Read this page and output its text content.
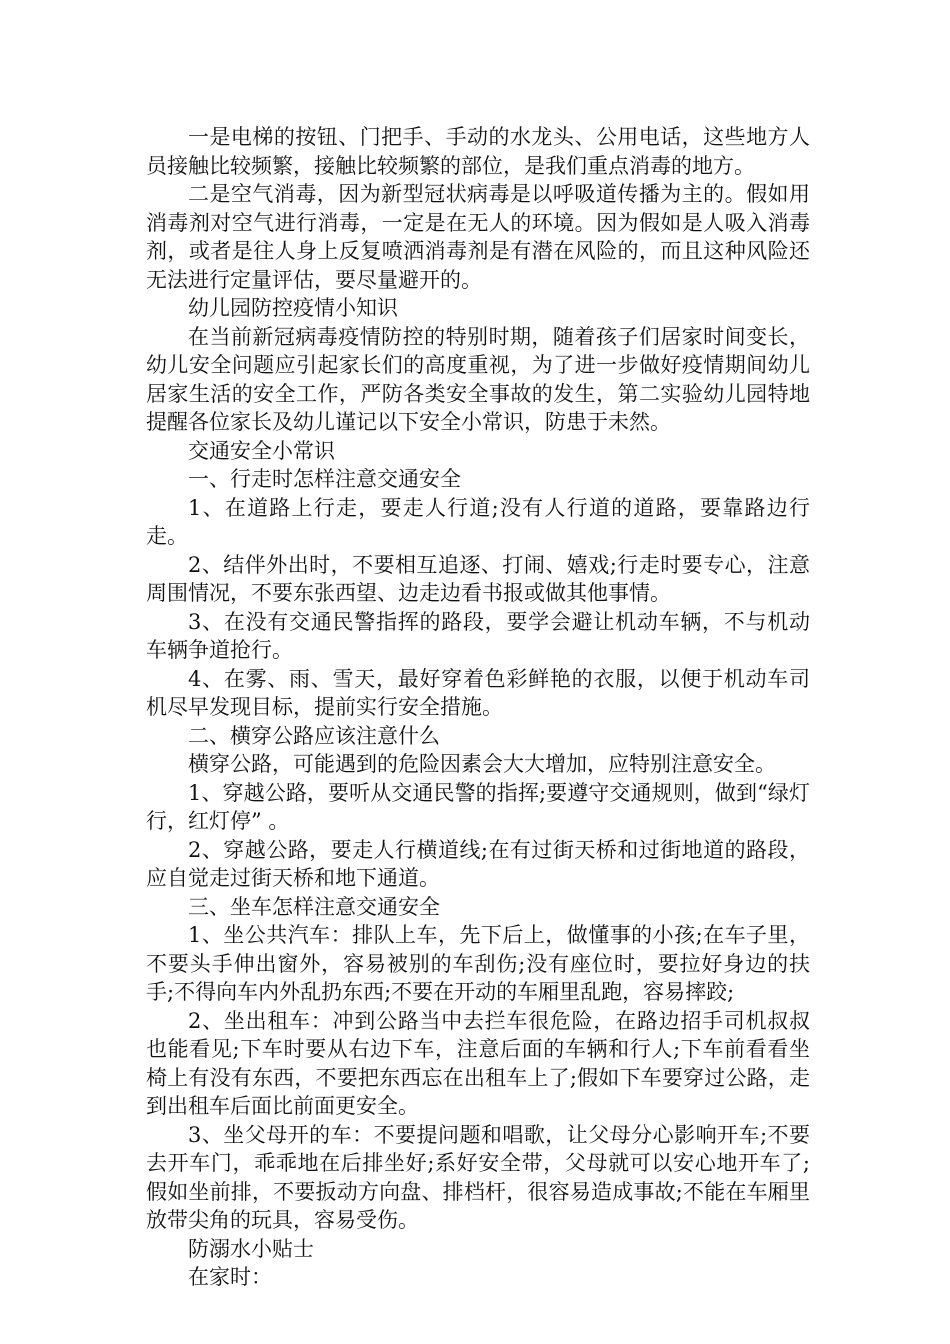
一是电梯的按钮、门把手、手动的水龙头、公用电话，这些地方人员接触比较频繁，接触比较频繁的部位，是我们重点消毒的地方。

二是空气消毒，因为新型冠状病毒是以呼吸道传播为主的。假如用消毒剂对空气进行消毒，一定是在无人的环境。因为假如是人吸入消毒剂，或者是往人身上反复喷洒消毒剂是有潜在风险的，而且这种风险还无法进行定量评估，要尽量避开的。

幼儿园防控疫情小知识

在当前新冠病毒疫情防控的特别时期，随着孩子们居家时间变长，幼儿安全问题应引起家长们的高度重视，为了进一步做好疫情期间幼儿居家生活的安全工作，严防各类安全事故的发生，第二实验幼儿园特地提醒各位家长及幼儿谨记以下安全小常识，防患于未然。

交通安全小常识

一、行走时怎样注意交通安全

1、在道路上行走，要走人行道;没有人行道的道路，要靠路边行走。

2、结伴外出时，不要相互追逐、打闹、嬉戏;行走时要专心，注意周围情况，不要东张西望、边走边看书报或做其他事情。

3、在没有交通民警指挥的路段，要学会避让机动车辆，不与机动车辆争道抢行。

4、在雾、雨、雪天，最好穿着色彩鲜艳的衣服，以便于机动车司机尽早发现目标，提前实行安全措施。

二、横穿公路应该注意什么

横穿公路，可能遇到的危险因素会大大增加，应特别注意安全。

1、穿越公路，要听从交通民警的指挥;要遵守交通规则，做到“绿灯行，红灯停” 。

2、穿越公路，要走人行横道线;在有过街天桥和过街地道的路段，应自觉走过街天桥和地下通道。

三、坐车怎样注意交通安全

1、坐公共汽车：排队上车，先下后上，做懂事的小孩;在车子里，不要头手伸出窗外，容易被别的车刮伤;没有座位时，要拉好身边的扶手;不得向车内外乱扔东西;不要在开动的车厢里乱跑，容易摔跤;

2、坐出租车：冲到公路当中去拦车很危险，在路边招手司机叔叔也能看见;下车时要从右边下车，注意后面的车辆和行人;下车前看看坐椅上有没有东西，不要把东西忘在出租车上了;假如下车要穿过公路，走到出租车后面比前面更安全。

3、坐父母开的车：不要提问题和唱歌，让父母分心影响开车;不要去开车门，乖乖地在后排坐好;系好安全带，父母就可以安心地开车了;假如坐前排，不要扳动方向盘、排档杆，很容易造成事故;不能在车厢里放带尖角的玩具，容易受伤。

防溺水小贴士

在家时：
